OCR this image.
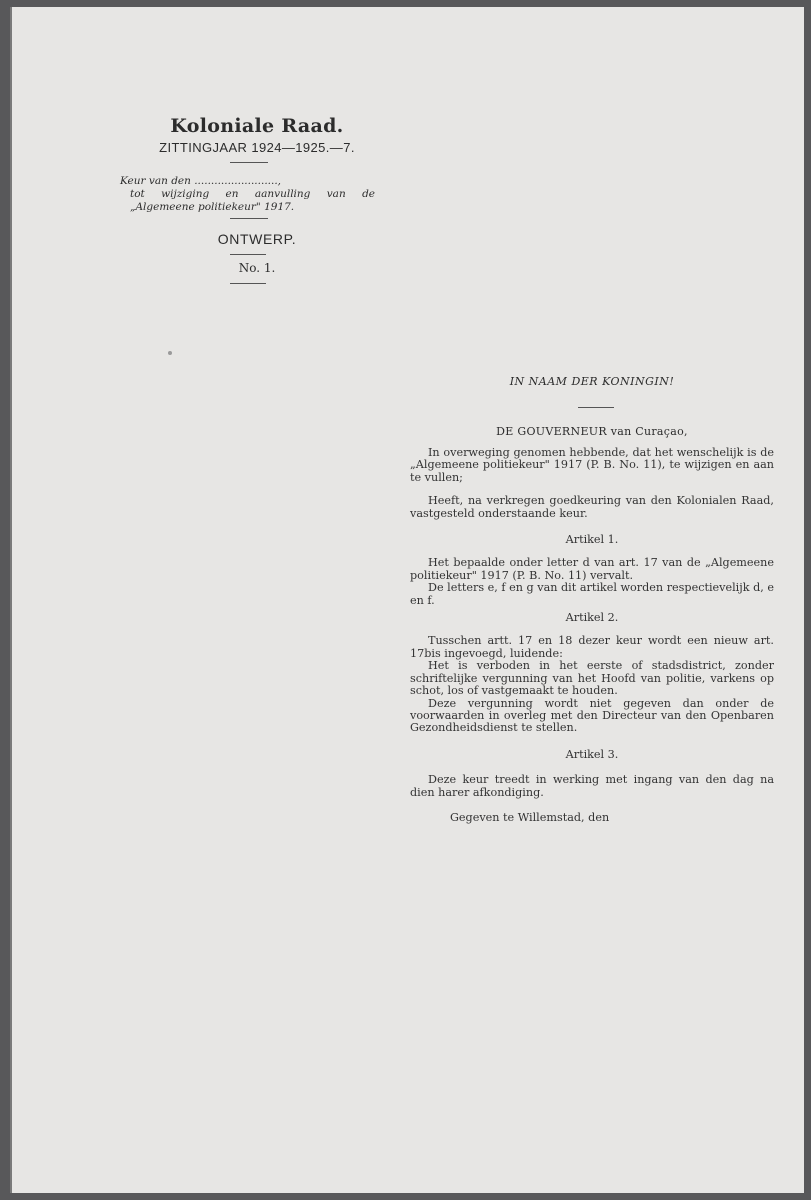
Koloniale Raad.
ZITTINGJAAR 1924—1925.—7.
Keur van den .........................,
tot wijziging en aanvulling van de „Algemeene politiekeur" 1917.
ONTWERP.
No. 1.
IN NAAM DER KONINGIN!
DE GOUVERNEUR van Curaçao,
In overweging genomen hebbende, dat het wenschelijk is de „Algemeene politiekeur" 1917 (P. B. No. 11), te wijzigen en aan te vullen;
Heeft, na verkregen goedkeuring van den Kolonialen Raad, vastgesteld onderstaande keur.
Artikel 1.
Het bepaalde onder letter d van art. 17 van de „Algemeene politiekeur" 1917 (P. B. No. 11) vervalt.
De letters e, f en g van dit artikel worden respectievelijk d, e en f.
Artikel 2.
Tusschen artt. 17 en 18 dezer keur wordt een nieuw art. 17bis ingevoegd, luidende:
Het is verboden in het eerste of stadsdistrict, zonder schriftelijke vergunning van het Hoofd van politie, varkens op schot, los of vastgemaakt te houden.
Deze vergunning wordt niet gegeven dan onder de voorwaarden in overleg met den Directeur van den Openbaren Gezondheidsdienst te stellen.
Artikel 3.
Deze keur treedt in werking met ingang van den dag na dien harer afkondiging.
Gegeven te Willemstad, den
